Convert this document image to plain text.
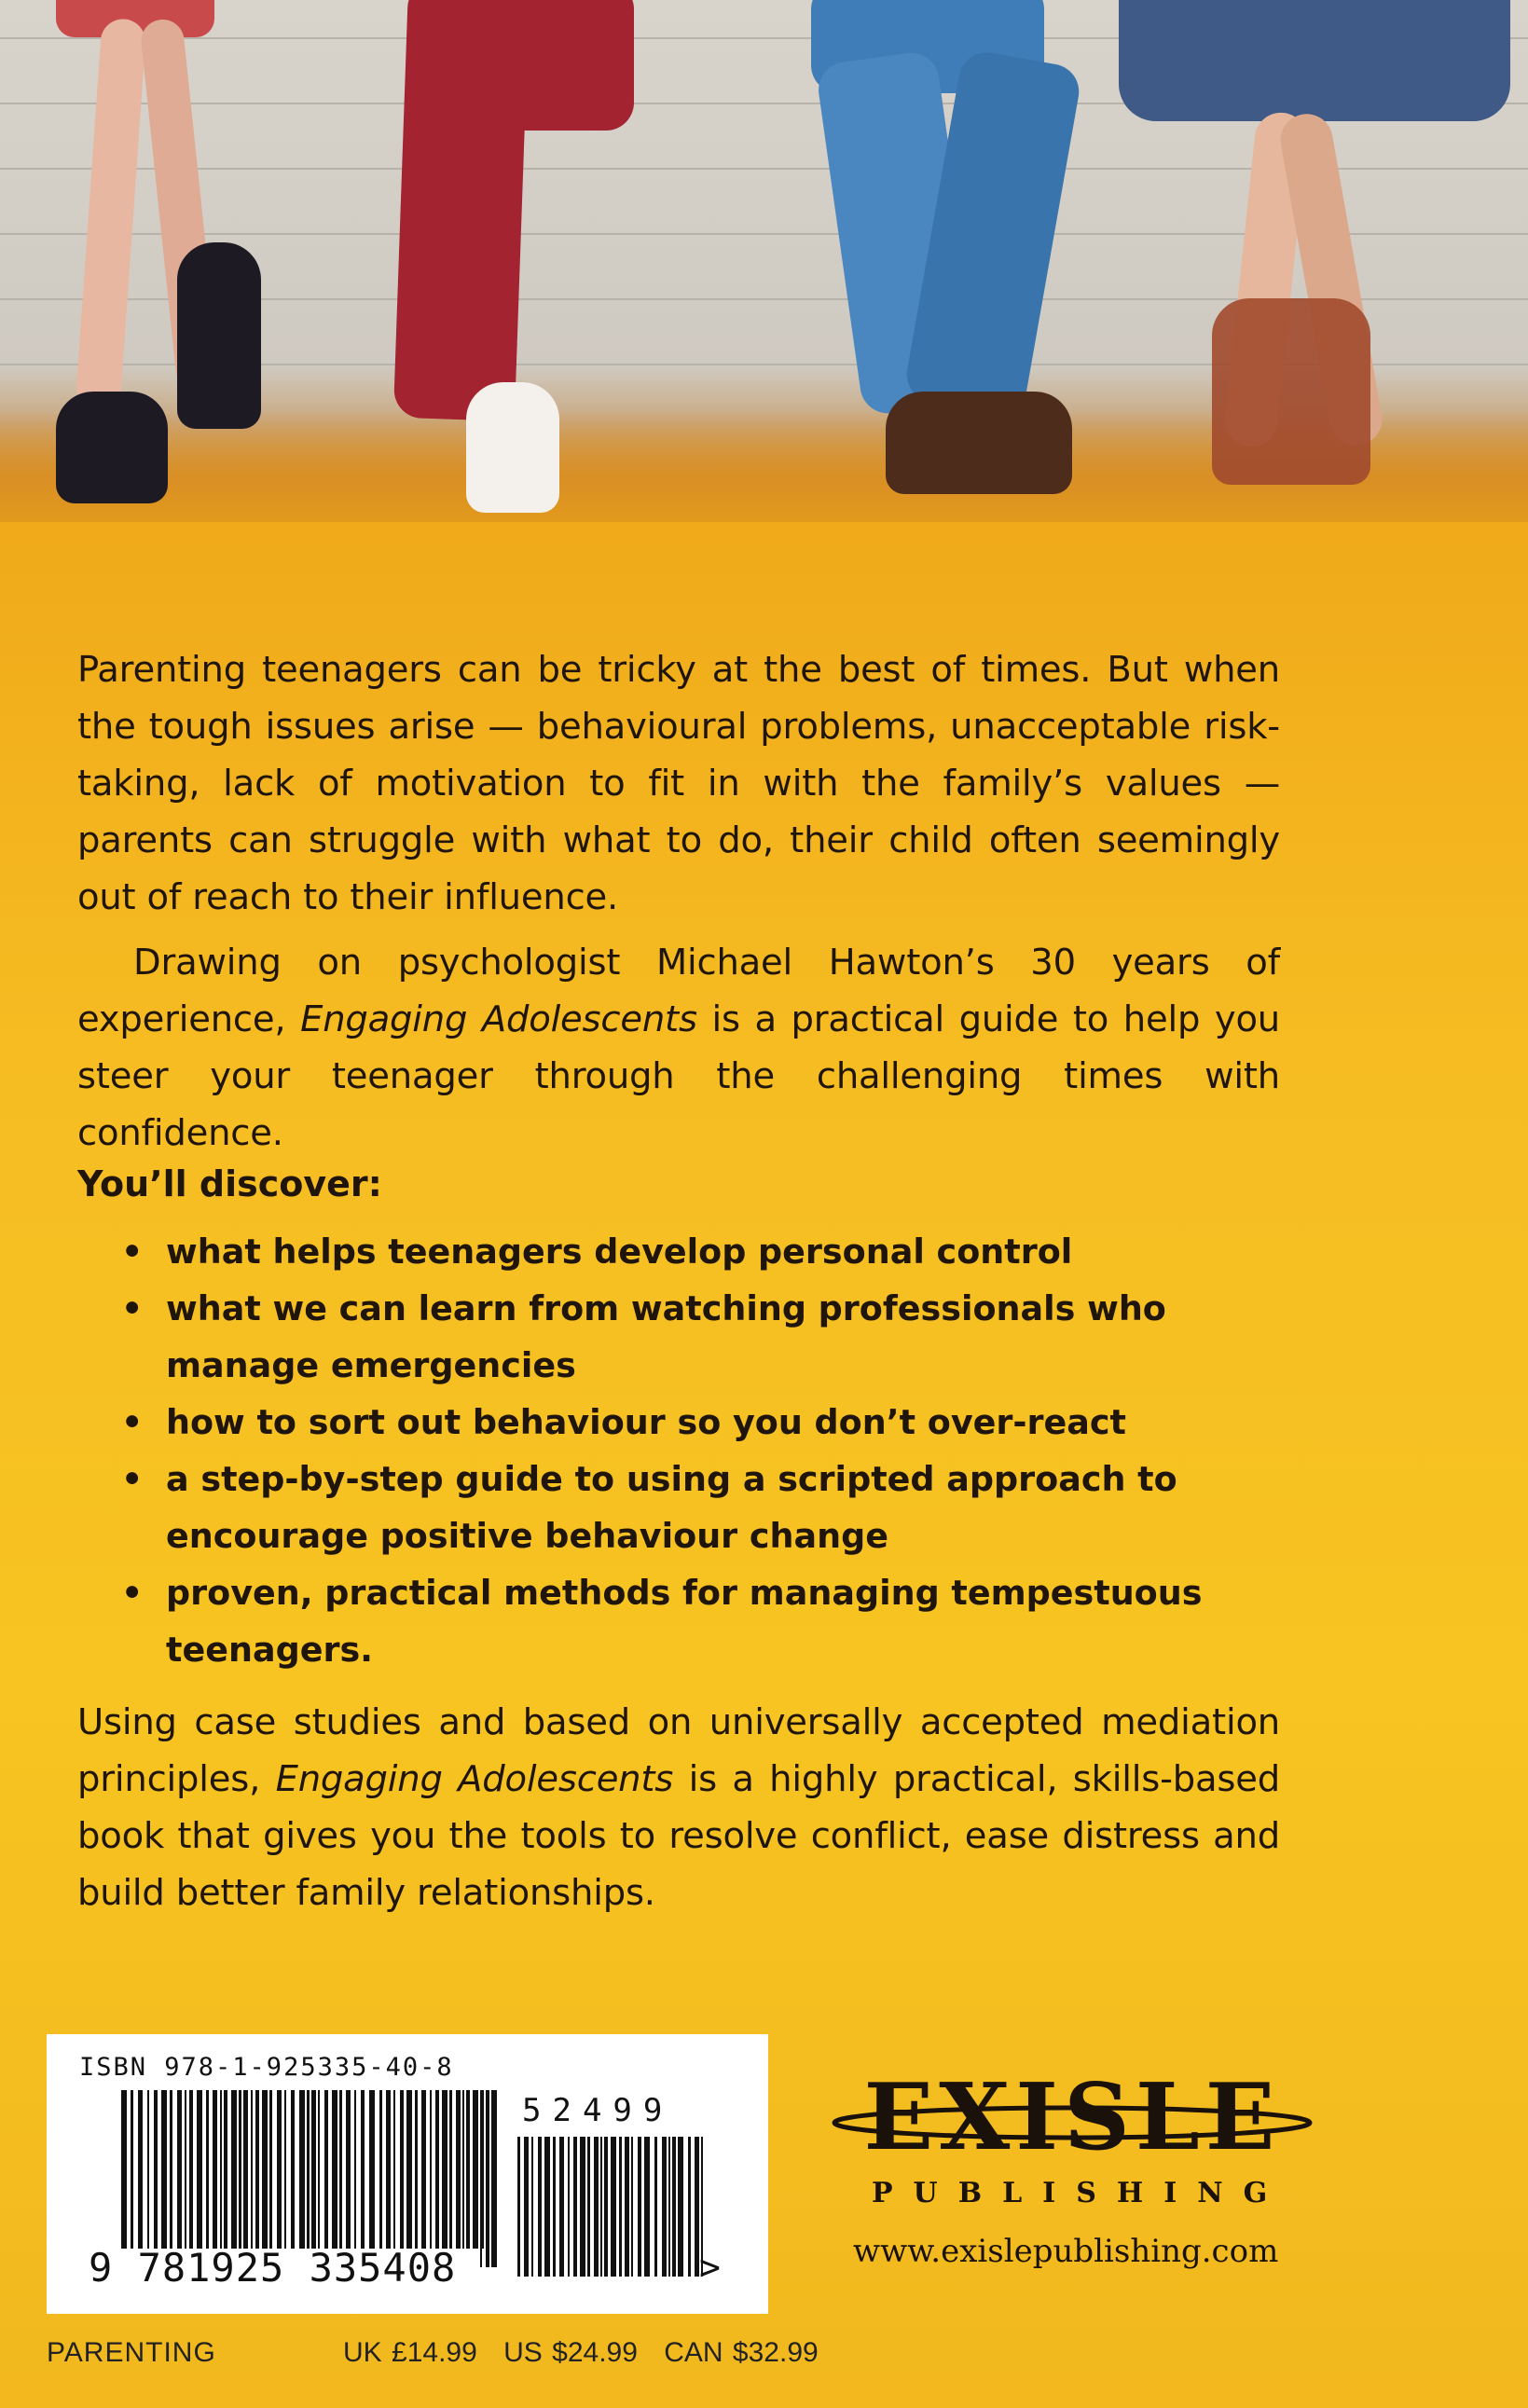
Parenting teenagers can be tricky at the best of times. But when the tough issues arise — behavioural problems, unacceptable risk-taking, lack of motivation to fit in with the family’s values — parents can struggle with what to do, their child often seemingly out of reach to their influence.
Drawing on psychologist Michael Hawton’s 30 years of experience, Engaging Adolescents is a practical guide to help you steer your teenager through the challenging times with confidence.
You’ll discover:
• what helps teenagers develop personal control
• what we can learn from watching professionals who manage emergencies
• how to sort out behaviour so you don’t over-react
• a step-by-step guide to using a scripted approach to encourage positive behaviour change
• proven, practical methods for managing tempestuous teenagers.
Using case studies and based on universally accepted mediation principles, Engaging Adolescents is a highly practical, skills-based book that gives you the tools to resolve conflict, ease distress and build better family relationships.
ISBN 978-1-925335-40-8
52499
9 781925 335408	>
EXISLE
PUBLISHING
www.exislepublishing.com
PARENTING	UK £14.99 US $24.99 CAN $32.99
